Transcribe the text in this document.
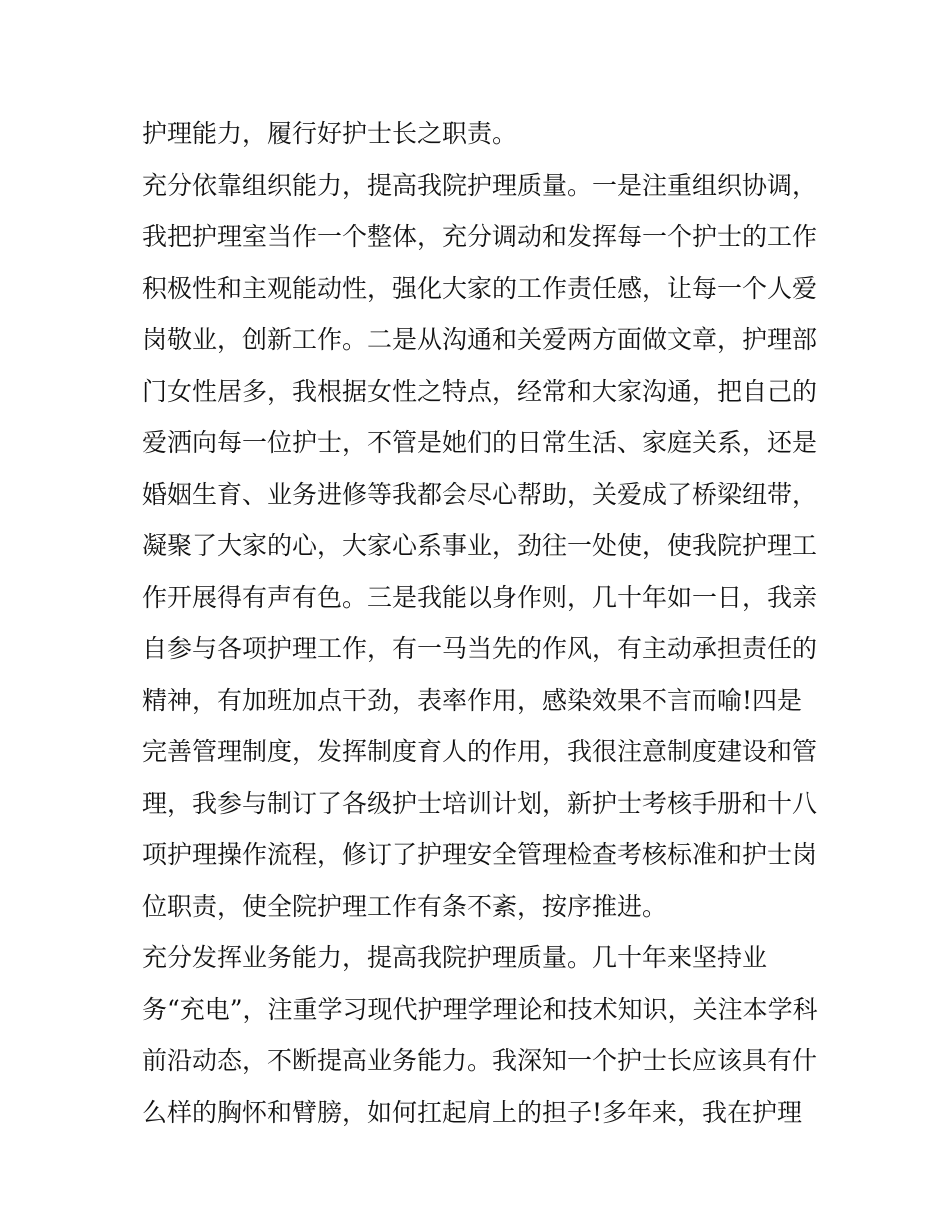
护理能力，履行好护士长之职责。
充分依靠组织能力，提高我院护理质量。一是注重组织协调，
我把护理室当作一个整体，充分调动和发挥每一个护士的工作
积极性和主观能动性，强化大家的工作责任感，让每一个人爱
岗敬业，创新工作。二是从沟通和关爱两方面做文章，护理部
门女性居多，我根据女性之特点，经常和大家沟通，把自己的
爱洒向每一位护士，不管是她们的日常生活、家庭关系，还是
婚姻生育、业务进修等我都会尽心帮助，关爱成了桥梁纽带，
凝聚了大家的心，大家心系事业，劲往一处使，使我院护理工
作开展得有声有色。三是我能以身作则，几十年如一日，我亲
自参与各项护理工作，有一马当先的作风，有主动承担责任的
精神，有加班加点干劲，表率作用，感染效果不言而喻!四是
完善管理制度，发挥制度育人的作用，我很注意制度建设和管
理，我参与制订了各级护士培训计划，新护士考核手册和十八
项护理操作流程，修订了护理安全管理检查考核标准和护士岗
位职责，使全院护理工作有条不紊，按序推进。
充分发挥业务能力，提高我院护理质量。几十年来坚持业
务“充电”，注重学习现代护理学理论和技术知识，关注本学科
前沿动态，不断提高业务能力。我深知一个护士长应该具有什
么样的胸怀和臂膀，如何扛起肩上的担子!多年来，我在护理
